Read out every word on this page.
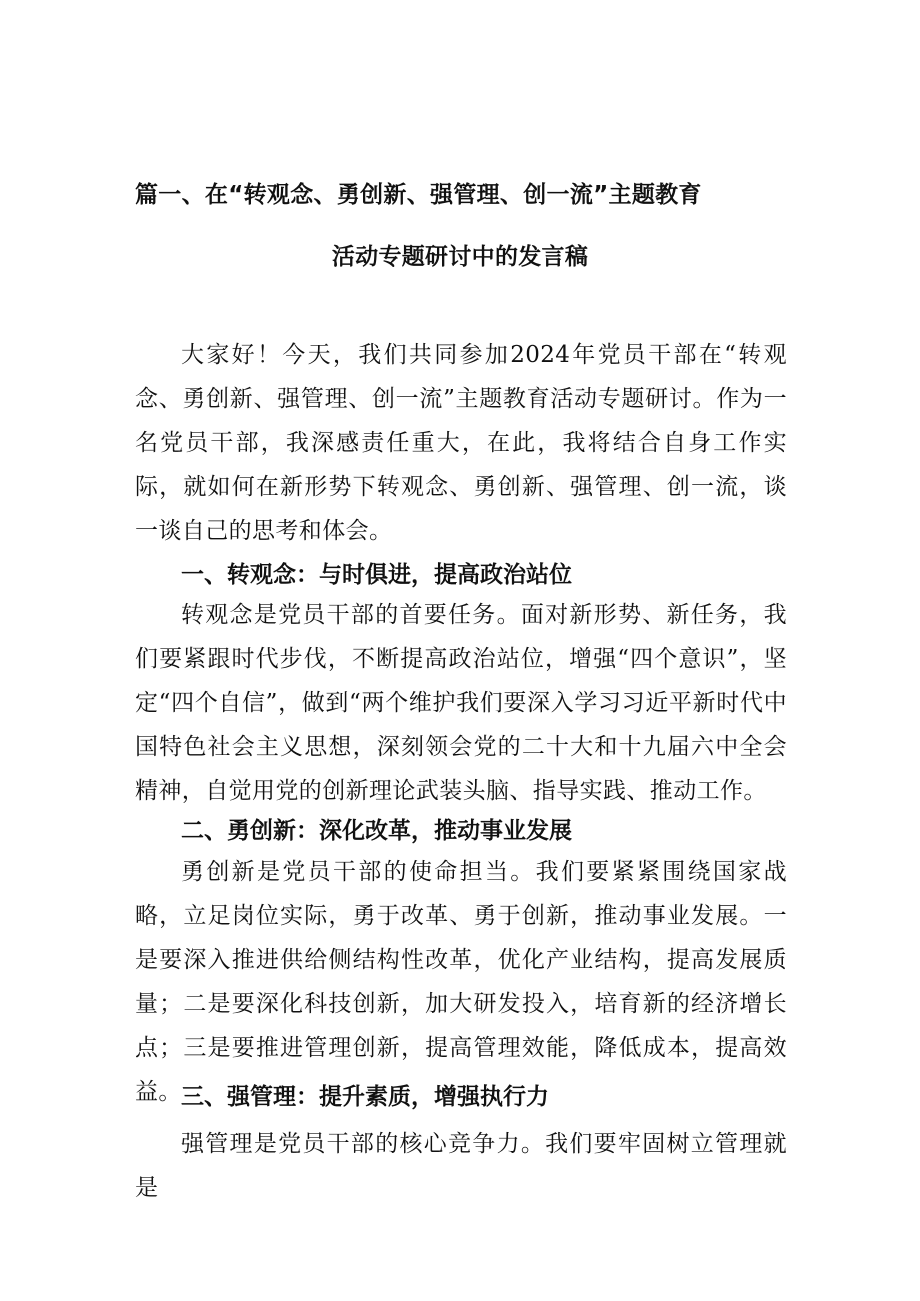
篇一、在“转观念、勇创新、强管理、创一流”主题教育
活动专题研讨中的发言稿

大家好！今天，我们共同参加2024年党员干部在“转观念、勇创新、强管理、创一流”主题教育活动专题研讨。作为一名党员干部，我深感责任重大，在此，我将结合自身工作实际，就如何在新形势下转观念、勇创新、强管理、创一流，谈一谈自己的思考和体会。

一、转观念：与时俱进，提高政治站位

转观念是党员干部的首要任务。面对新形势、新任务，我们要紧跟时代步伐，不断提高政治站位，增强“四个意识”，坚定“四个自信”，做到“两个维护我们要深入学习习近平新时代中国特色社会主义思想，深刻领会党的二十大和十九届六中全会精神，自觉用党的创新理论武装头脑、指导实践、推动工作。

二、勇创新：深化改革，推动事业发展

勇创新是党员干部的使命担当。我们要紧紧围绕国家战略，立足岗位实际，勇于改革、勇于创新，推动事业发展。一是要深入推进供给侧结构性改革，优化产业结构，提高发展质量；二是要深化科技创新，加大研发投入，培育新的经济增长点；三是要推进管理创新，提高管理效能，降低成本，提高效益。 三、强管理：提升素质，增强执行力

强管理是党员干部的核心竞争力。我们要牢固树立管理就是
